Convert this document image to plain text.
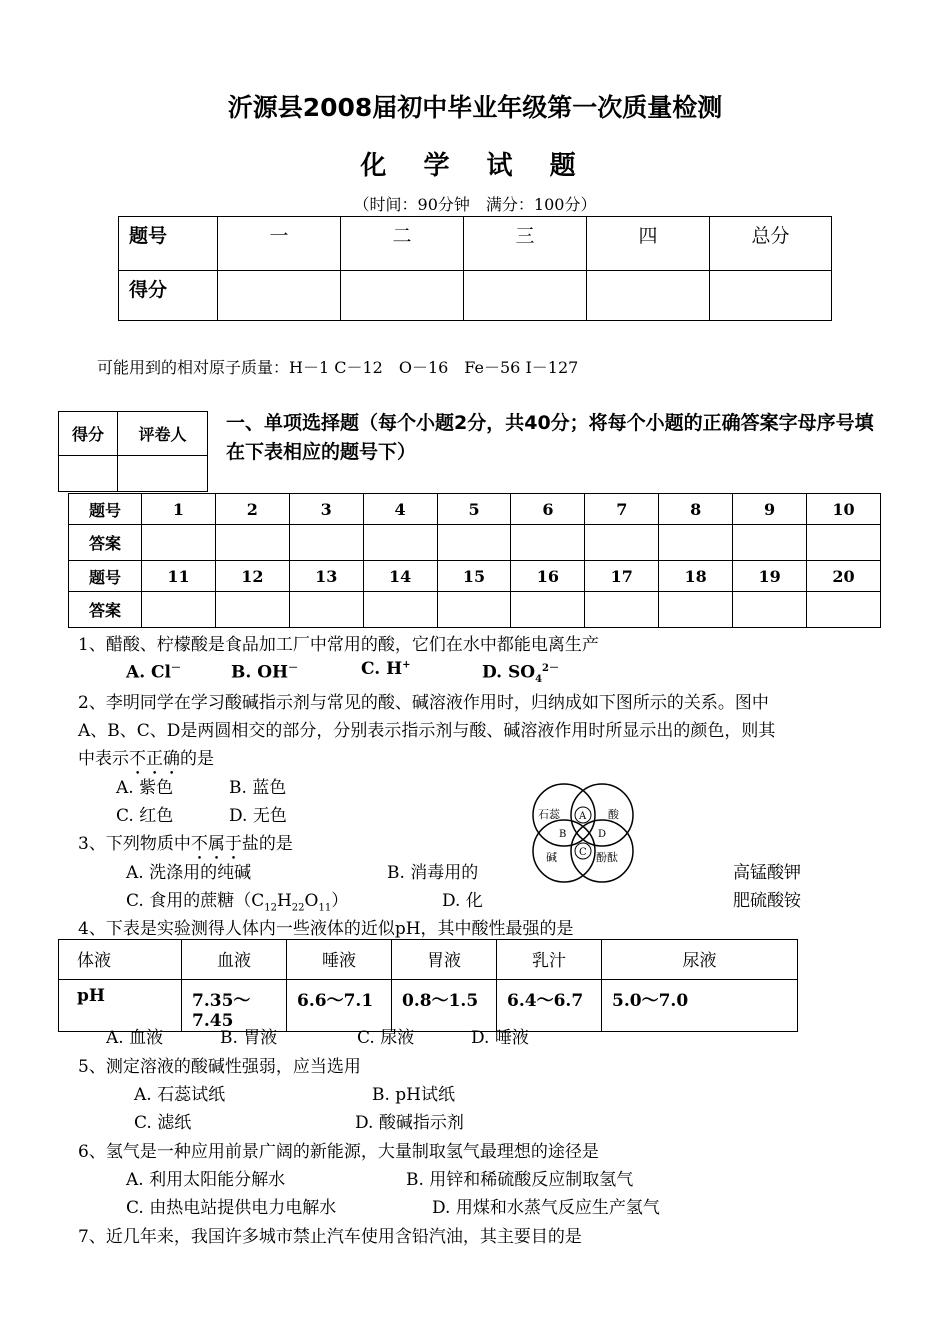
沂源县2008届初中毕业年级第一次质量检测
化 学 试 题
（时间：90分钟　满分：100分）
题号	一	二	三	四	总分
得分					
可能用到的相对原子质量：H－1 C－12　O－16　Fe－56 I－127
得分	评卷人

一、单项选择题（每个小题2分，共40分；将每个小题的正确答案字母序号填在下表相应的题号下）
题号	1	2	3	4	5	6	7	8	9	10
答案										
题号	11	12	13	14	15	16	17	18	19	20
答案										
1、醋酸、柠檬酸是食品加工厂中常用的酸，它们在水中都能电离生产
A. Cl－	B. OH－	C. H+	D. $SO_4^{2-}$
2、李明同学在学习酸碱指示剂与常见的酸、碱溶液作用时，归纳成如下图所示的关系。图中
A、B、C、D是两圆相交的部分，分别表示指示剂与酸、碱溶液作用时所显示出的颜色，则其
中表示不正确的是
A. 紫色	B. 蓝色
C. 红色	D. 无色	石蕊	酸
碱	酚酞
A
B
C
D
3、下列物质中不属于盐的是
A. 洗涤用的纯碱	B. 消毒用的	高锰酸钾
C. 食用的蔗糖$(C_{12}H_{22}O_{11})$	D. 化	肥硫酸铵
4、下表是实验测得人体内一些液体的近似pH，其中酸性最强的是
体液	血液	唾液	胃液	乳汁	尿液
pH	7.35～7.45	6.6～7.1	0.8～1.5	6.4～6.7	5.0～7.0
A. 血液	B. 胃液	C. 尿液	D. 唾液
5、测定溶液的酸碱性强弱，应当选用
A. 石蕊试纸	B. pH试纸
C. 滤纸	D. 酸碱指示剂
6、氢气是一种应用前景广阔的新能源，大量制取氢气最理想的途径是
A. 利用太阳能分解水	B. 用锌和稀硫酸反应制取氢气
C. 由热电站提供电力电解水	D. 用煤和水蒸气反应生产氢气
7、近几年来，我国许多城市禁止汽车使用含铅汽油，其主要目的是
